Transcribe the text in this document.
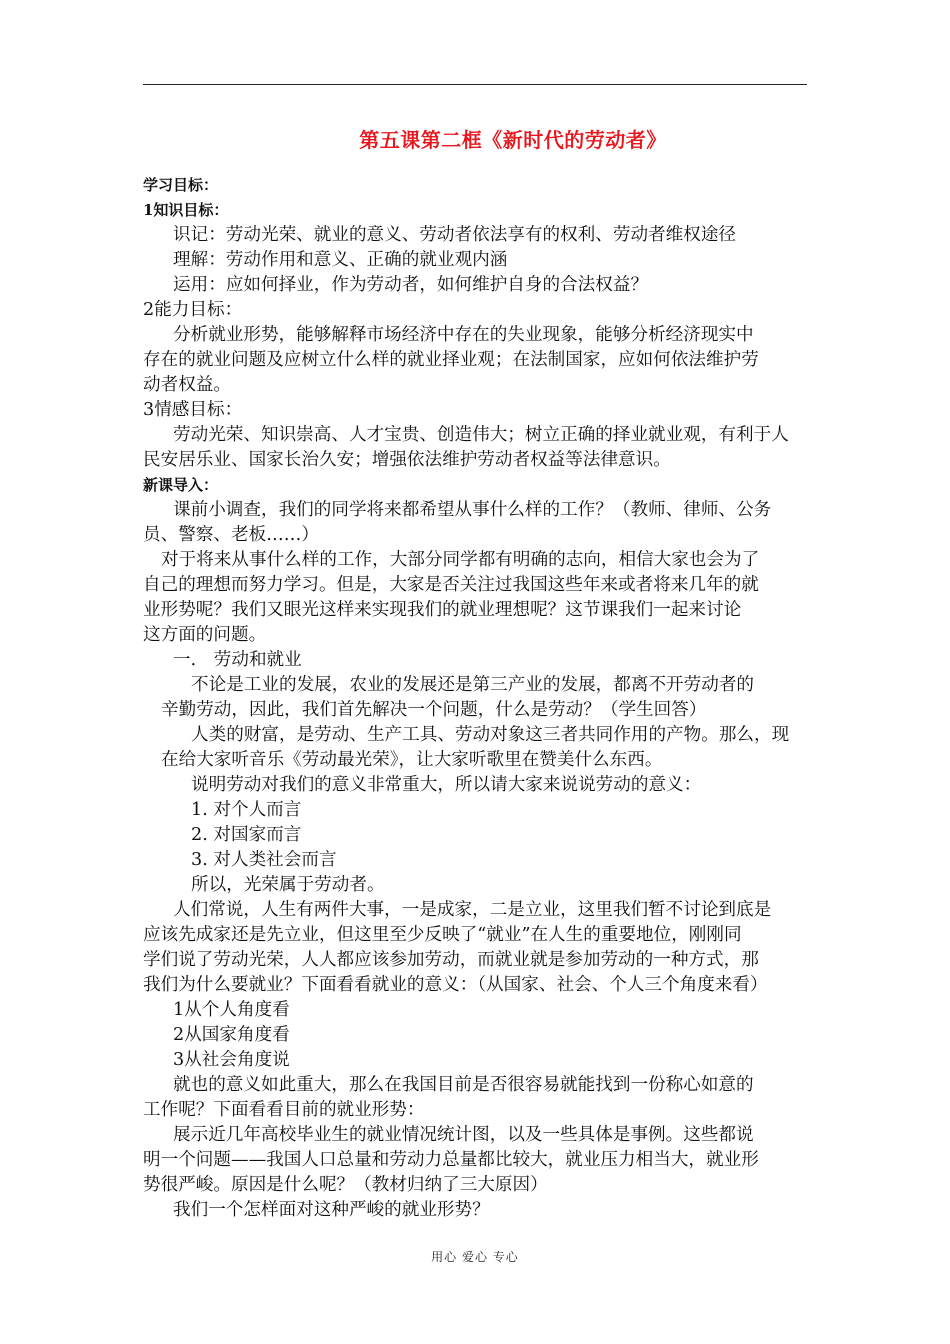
第五课第二框《新时代的劳动者》
学习目标：
1知识目标：
识记：劳动光荣、就业的意义、劳动者依法享有的权利、劳动者维权途径
理解：劳动作用和意义、正确的就业观内涵
运用：应如何择业，作为劳动者，如何维护自身的合法权益？
2能力目标：
分析就业形势，能够解释市场经济中存在的失业现象，能够分析经济现实中
存在的就业问题及应树立什么样的就业择业观；在法制国家，应如何依法维护劳
动者权益。
3情感目标：
劳动光荣、知识崇高、人才宝贵、创造伟大；树立正确的择业就业观，有利于人
民安居乐业、国家长治久安；增强依法维护劳动者权益等法律意识。
新课导入：
课前小调查，我们的同学将来都希望从事什么样的工作？（教师、律师、公务
员、警察、老板……）
对于将来从事什么样的工作，大部分同学都有明确的志向，相信大家也会为了
自己的理想而努力学习。但是，大家是否关注过我国这些年来或者将来几年的就
业形势呢？我们又眼光这样来实现我们的就业理想呢？这节课我们一起来讨论
这方面的问题。
一． 劳动和就业
不论是工业的发展，农业的发展还是第三产业的发展，都离不开劳动者的
辛勤劳动，因此，我们首先解决一个问题，什么是劳动？（学生回答）
人类的财富，是劳动、生产工具、劳动对象这三者共同作用的产物。那么，现
在给大家听音乐《劳动最光荣》，让大家听歌里在赞美什么东西。
说明劳动对我们的意义非常重大，所以请大家来说说劳动的意义：
1. 对个人而言
2. 对国家而言
3. 对人类社会而言
所以，光荣属于劳动者。
人们常说，人生有两件大事，一是成家，二是立业，这里我们暂不讨论到底是
应该先成家还是先立业，但这里至少反映了“就业”在人生的重要地位，刚刚同
学们说了劳动光荣，人人都应该参加劳动，而就业就是参加劳动的一种方式，那
我们为什么要就业？下面看看就业的意义：（从国家、社会、个人三个角度来看）
1从个人角度看
2从国家角度看
3从社会角度说
就也的意义如此重大，那么在我国目前是否很容易就能找到一份称心如意的
工作呢？下面看看目前的就业形势：
展示近几年高校毕业生的就业情况统计图，以及一些具体是事例。这些都说
明一个问题——我国人口总量和劳动力总量都比较大，就业压力相当大，就业形
势很严峻。原因是什么呢？（教材归纳了三大原因）
我们一个怎样面对这种严峻的就业形势？
用心 爱心 专心
